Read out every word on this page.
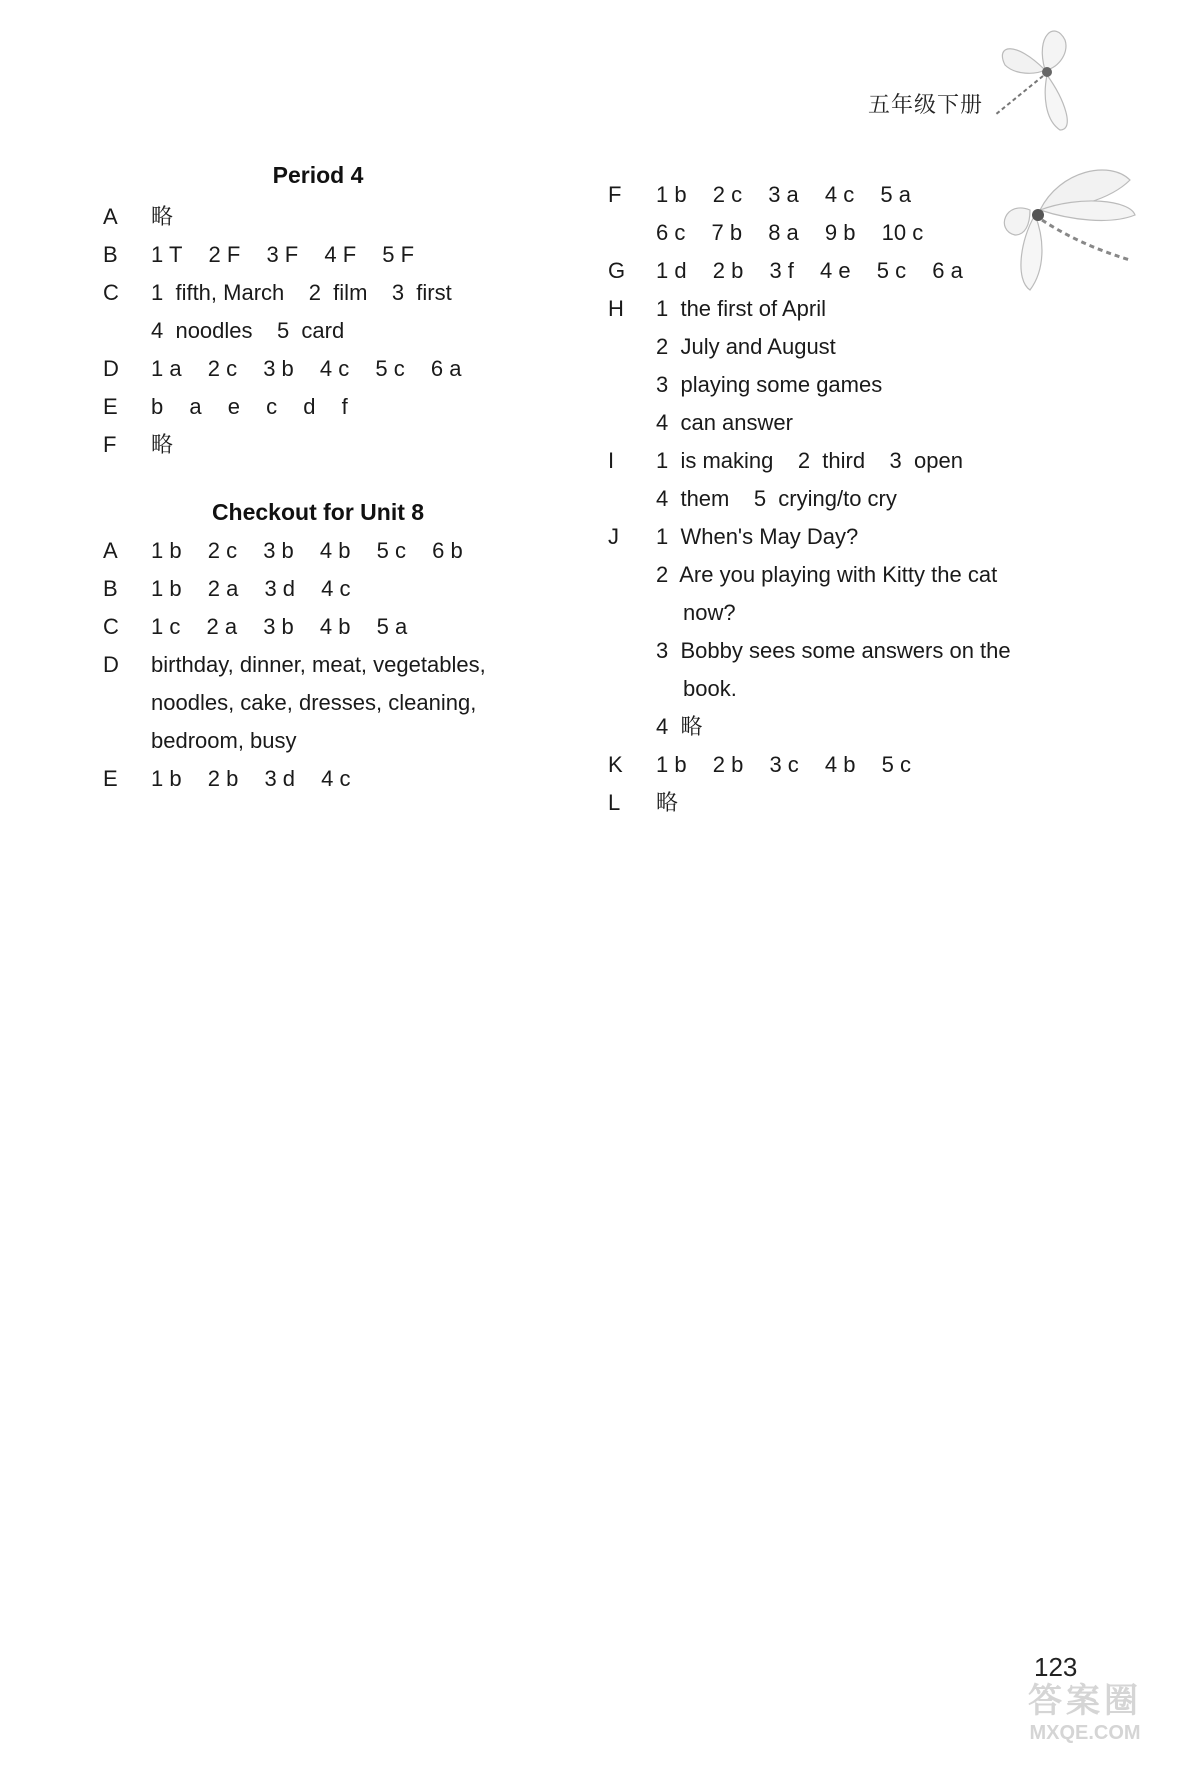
五年级下册
Period 4
A	略
B	1 T 2 F 3 F 4 F 5 F
C	1  fifth, March    2  film    3  first
4  noodles    5  card
D	1 a 2 c 3 b 4 c 5 c 6 a
E	b a e c d f
F	略
Checkout for Unit 8
A	1 b 2 c 3 b 4 b 5 c 6 b
B	1 b 2 a 3 d 4 c
C	1 c 2 a 3 b 4 b 5 a
D	birthday, dinner, meat, vegetables,
noodles, cake, dresses, cleaning,
bedroom, busy
E	1 b 2 b 3 d 4 c
F	1 b 2 c 3 a 4 c 5 a
6 c 7 b 8 a 9 b 10 c
G	1 d 2 b 3 f 4 e 5 c 6 a
H	1  the first of April
2  July and August
3  playing some games
4  can answer
I	1  is making    2  third    3  open
4  them    5  crying/to cry
J	1  When's May Day?
2  Are you playing with Kitty the cat
now?
3  Bobby sees some answers on the
book.
4  略
K	1 b 2 b 3 c 4 b 5 c
L	略
答案圈
MXQE.COM
123
